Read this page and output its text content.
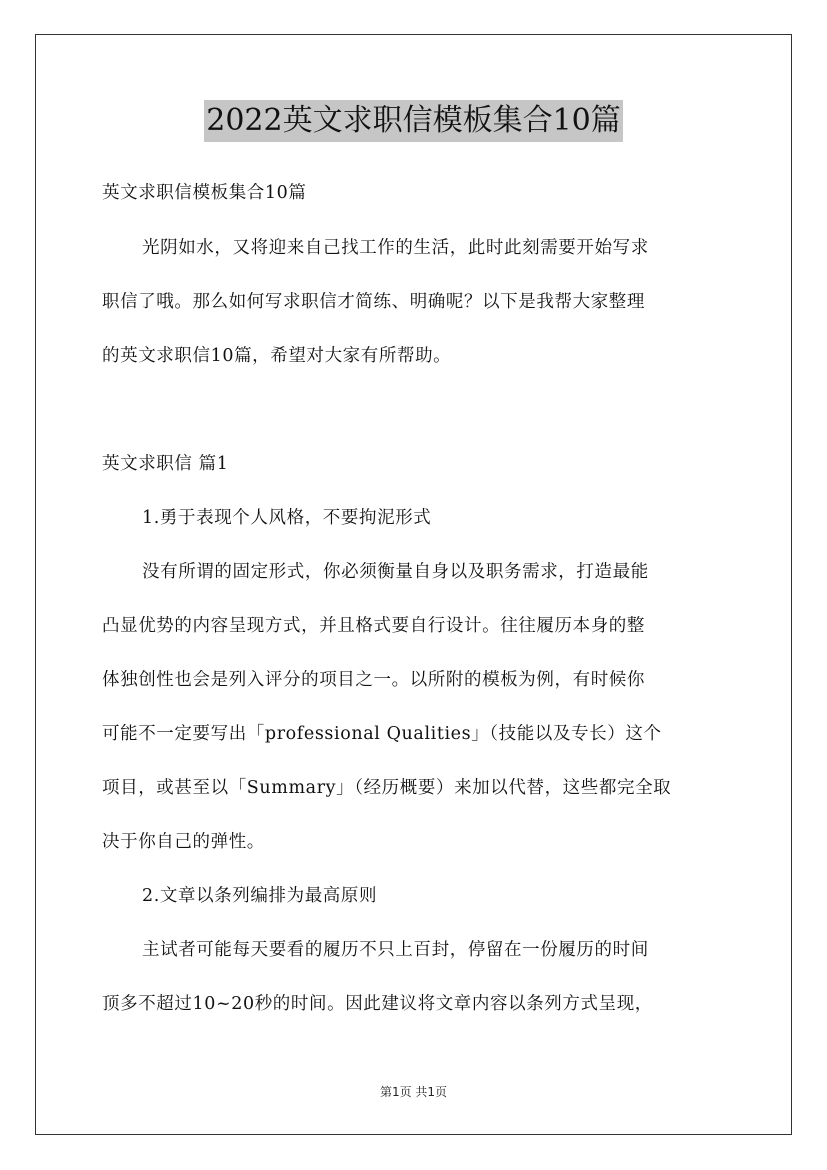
2022英文求职信模板集合10篇
英文求职信模板集合10篇
光阴如水，又将迎来自己找工作的生活，此时此刻需要开始写求
职信了哦。那么如何写求职信才简练、明确呢？以下是我帮大家整理
的英文求职信10篇，希望对大家有所帮助。
英文求职信 篇1
1.勇于表现个人风格，不要拘泥形式
没有所谓的固定形式，你必须衡量自身以及职务需求，打造最能
凸显优势的内容呈现方式，并且格式要自行设计。往往履历本身的整
体独创性也会是列入评分的项目之一。以所附的模板为例，有时候你
可能不一定要写出「professional Qualities」（技能以及专长）这个
项目，或甚至以「Summary」（经历概要）来加以代替，这些都完全取
决于你自己的弹性。
2.文章以条列编排为最高原则
主试者可能每天要看的履历不只上百封，停留在一份履历的时间
顶多不超过10~20秒的时间。因此建议将文章内容以条列方式呈现，
第1页 共1页
